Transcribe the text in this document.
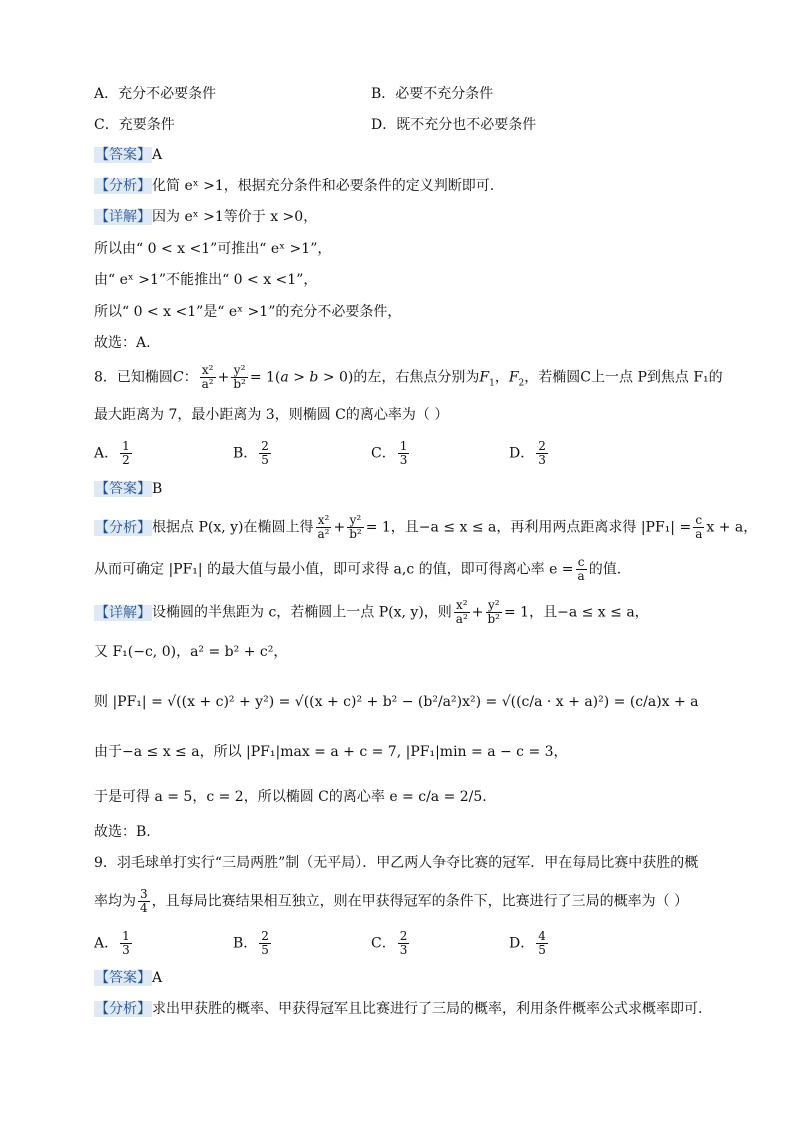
A．充分不必要条件	B．必要不充分条件
C．充要条件	D．既不充分也不必要条件
【答案】A
【分析】化简 eˣ >1，根据充分条件和必要条件的定义判断即可.
【详解】因为 eˣ >1等价于 x >0，
所以由“ 0 < x <1”可推出“ eˣ >1”，
由“ eˣ >1”不能推出“ 0 < x <1”，
所以“ 0 < x <1”是“ eˣ >1”的充分不必要条件，
故选：A.
8．已知椭圆C： $\frac{\text{x²}}{\text{a²}} + \frac{\text{y²}}{\text{b²}} = 1(a > b > 0)$的左，右焦点分别为$F_1$，$F_2$，若椭圆C上一点 P到焦点 F₁的
最大距离为 7，最小距离为 3，则椭圆 C的离心率为（ ）
A． $\frac{1}{2}$	B． $\frac{2}{5}$	C． $\frac{1}{3}$	D． $\frac{2}{3}$
【答案】B
【分析】根据点 P(x, y)在椭圆上得 $\frac{\text{x²}}{\text{a²}} + \frac{\text{y²}}{\text{b²}} = 1$，且−a ≤ x ≤ a，再利用两点距离求得 $|PF_1| = \frac{c}{a}$ x + a，
从而可确定 |PF₁| 的最大值与最小值，即可求得 a,c 的值，即可得离心率 $e = \frac{c}{a}$ 的值.
【详解】设椭圆的半焦距为 c，若椭圆上一点 P(x, y)，则 $\frac{\text{x²}}{\text{a²}} + \frac{\text{y²}}{\text{b²}} = 1$，且−a ≤ x ≤ a，
又 F₁(−c, 0)，a² = b² + c²，
则 |PF₁| = √((x + c)² + y²) = √((x + c)² + b² − (b²/a²)x²) = √((c/a · x + a)²) = (c/a)x + a
由于−a ≤ x ≤ a，所以 |PF₁|max = a + c = 7, |PF₁|min = a − c = 3，
于是可得 a = 5，c = 2，所以椭圆 C的离心率 e = c/a = 2/5.
故选：B.
9．羽毛球单打实行“三局两胜”制（无平局）．甲乙两人争夺比赛的冠军．甲在每局比赛中获胜的概
率均为 $\frac{3}{4}$ ，且每局比赛结果相互独立，则在甲获得冠军的条件下，比赛进行了三局的概率为（ ）
A． $\frac{1}{3}$	B． $\frac{2}{5}$	C． $\frac{2}{3}$	D． $\frac{4}{5}$
【答案】A
【分析】求出甲获胜的概率、甲获得冠军且比赛进行了三局的概率，利用条件概率公式求概率即可.
